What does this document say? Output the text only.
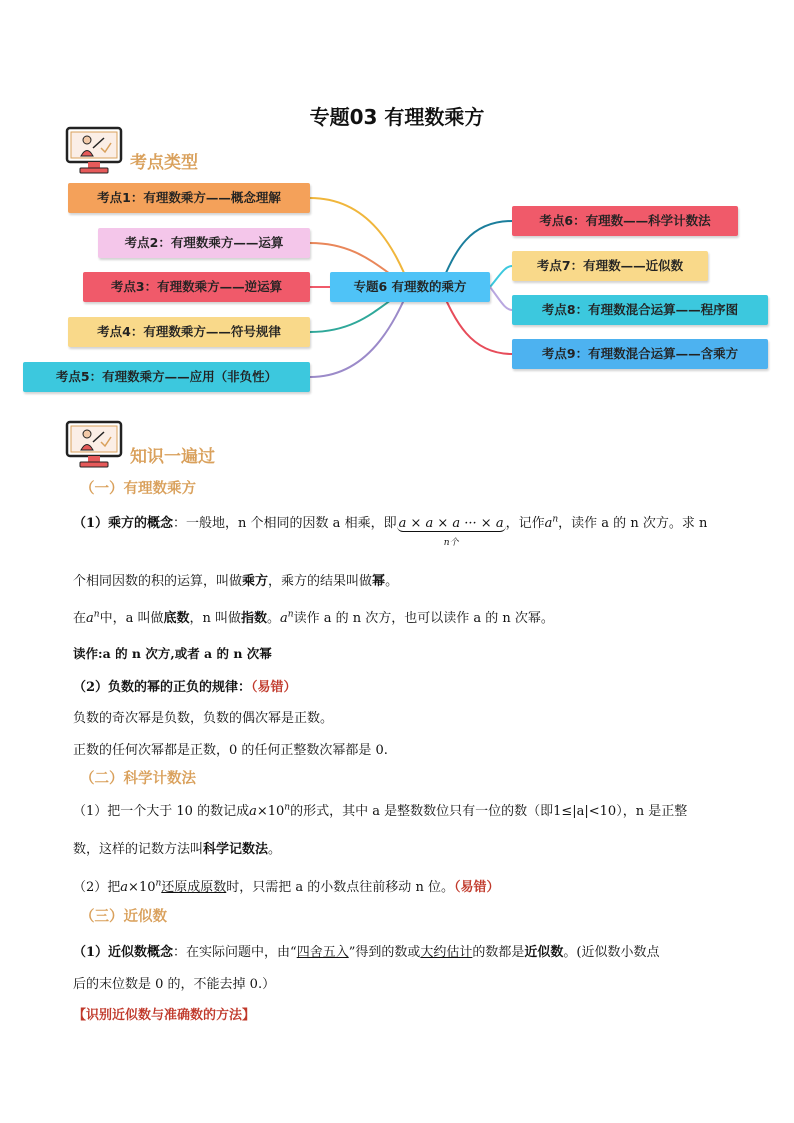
专题03 有理数乘方
考点类型
考点1：有理数乘方——概念理解
考点2：有理数乘方——运算
考点3：有理数乘方——逆运算
考点4：有理数乘方——符号规律
考点5：有理数乘方——应用（非负性）
专题6 有理数的乘方
考点6：有理数——科学计数法
考点7：有理数——近似数
考点8：有理数混合运算——程序图
考点9：有理数混合运算——含乘方
知识一遍过
（一）有理数乘方
（1）乘方的概念：一般地，n 个相同的因数 a 相乘，即 a × a × a ··· × a
n个
，记作$a^n$，读作 a 的 n 次方。求 n
个相同因数的积的运算，叫做乘方，乘方的结果叫做幂。
在$a^n$中，a 叫做底数，n 叫做指数。$a^n$读作 a 的 n 次方，也可以读作 a 的 n 次幂。
读作:a 的 n 次方,或者 a 的 n 次幂
（2）负数的幂的正负的规律：（易错）
负数的奇次幂是负数，负数的偶次幂是正数。
正数的任何次幂都是正数，0 的任何正整数次幂都是 0.
（二）科学计数法
（1）把一个大于 10 的数记成$a\times 10^n$的形式，其中 a 是整数数位只有一位的数（即1≤|a|<10），n 是正整
数，这样的记数方法叫科学记数法。
（2）把$a\times 10^n$还原成原数时，只需把 a 的小数点往前移动 n 位。（易错）
（三）近似数
（1）近似数概念：在实际问题中，由“四舍五入”得到的数或大约估计的数都是近似数。(近似数小数点
后的末位数是 0 的，不能去掉 0.）
【识别近似数与准确数的方法】
